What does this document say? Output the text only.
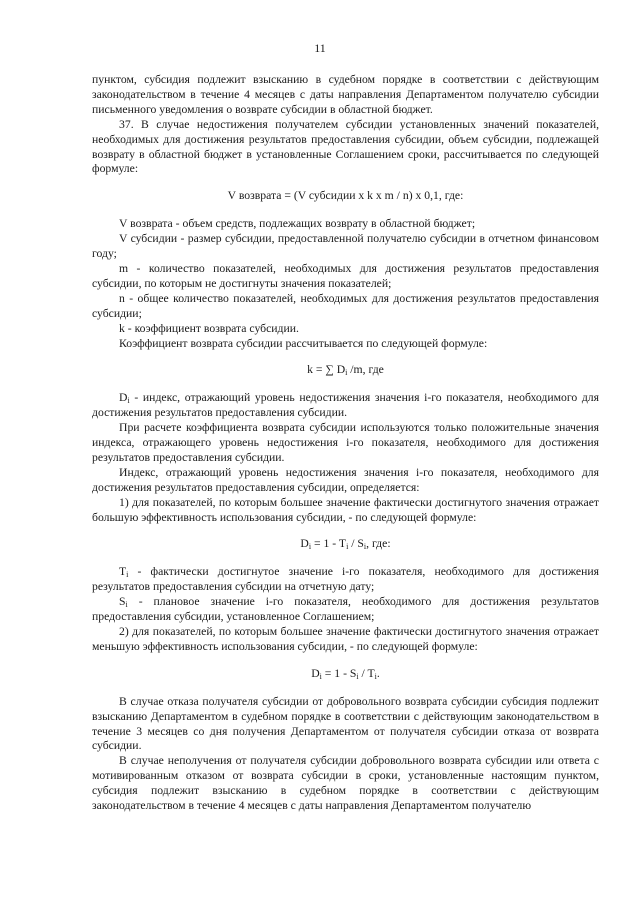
11

пунктом, субсидия подлежит взысканию в судебном порядке в соответствии с действующим законодательством в течение 4 месяцев с даты направления Департаментом получателю субсидии письменного уведомления о возврате субсидии в областной бюджет.

37. В случае недостижения получателем субсидии установленных значений показателей, необходимых для достижения результатов предоставления субсидии, объем субсидии, подлежащей возврату в областной бюджет в установленные Соглашением сроки, рассчитывается по следующей формуле:

V возврата = (V субсидии х k х m / n) х 0,1, где:

V возврата - объем средств, подлежащих возврату в областной бюджет;

V субсидии - размер субсидии, предоставленной получателю субсидии в отчетном финансовом году;

m - количество показателей, необходимых для достижения результатов предоставления субсидии, по которым не достигнуты значения показателей;

n - общее количество показателей, необходимых для достижения результатов предоставления субсидии;

k - коэффициент возврата субсидии.

Коэффициент возврата субсидии рассчитывается по следующей формуле:

k = ∑ $D_i$ /m, где

$D_i$ - индекс, отражающий уровень недостижения значения i-го показателя, необходимого для достижения результатов предоставления субсидии.

При расчете коэффициента возврата субсидии используются только положительные значения индекса, отражающего уровень недостижения i-го показателя, необходимого для достижения результатов предоставления субсидии.

Индекс, отражающий уровень недостижения значения i-го показателя, необходимого для достижения результатов предоставления субсидии, определяется:

1) для показателей, по которым большее значение фактически достигнутого значения отражает большую эффективность использования субсидии, - по следующей формуле:

$D_i = 1 - T_i / S_i$, где:

$T_i$ - фактически достигнутое значение i-го показателя, необходимого для достижения результатов предоставления субсидии на отчетную дату;

$S_i$ - плановое значение i-го показателя, необходимого для достижения результатов предоставления субсидии, установленное Соглашением;

2) для показателей, по которым большее значение фактически достигнутого значения отражает меньшую эффективность использования субсидии, - по следующей формуле:

$D_i = 1 - S_i / T_i$.

В случае отказа получателя субсидии от добровольного возврата субсидии субсидия подлежит взысканию Департаментом в судебном порядке в соответствии с действующим законодательством в течение 3 месяцев со дня получения Департаментом от получателя субсидии отказа от возврата субсидии.

В случае неполучения от получателя субсидии добровольного возврата субсидии или ответа с мотивированным отказом от возврата субсидии в сроки, установленные настоящим пунктом, субсидия подлежит взысканию в судебном порядке в соответствии с действующим законодательством в течение 4 месяцев с даты направления Департаментом получателю
